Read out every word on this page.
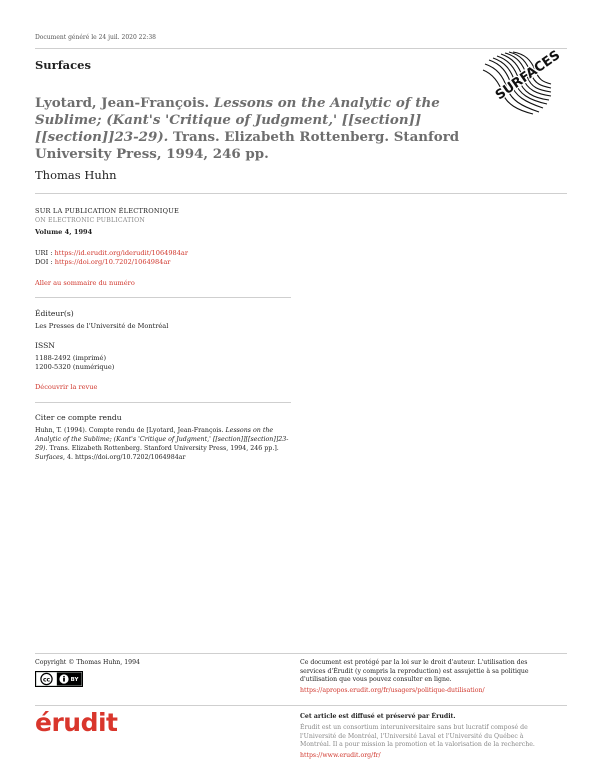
Document généré le 24 juil. 2020 22:38
Surfaces	SURFACES
Lyotard, Jean-François. Lessons on the Analytic of the Sublime; (Kant's 'Critique of Judgment,' [[section]][[section]]23-29). Trans. Elizabeth Rottenberg. Stanford University Press, 1994, 246 pp.
Thomas Huhn
SUR LA PUBLICATION ÉLECTRONIQUE
ON ELECTRONIC PUBLICATION
Volume 4, 1994
URI : https://id.erudit.org/iderudit/1064984ar
DOI : https://doi.org/10.7202/1064984ar
Aller au sommaire du numéro
Éditeur(s)
Les Presses de l'Université de Montréal
ISSN
1188-2492 (imprimé)
1200-5320 (numérique)
Découvrir la revue
Citer ce compte rendu
Huhn, T. (1994). Compte rendu de [Lyotard, Jean-François. Lessons on the Analytic of the Sublime; (Kant's 'Critique of Judgment,' [[section]][[section]]23-29). Trans. Elizabeth Rottenberg. Stanford University Press, 1994, 246 pp.]. Surfaces, 4. https://doi.org/10.7202/1064984ar
Copyright © Thomas Huhn, 1994
cc	BY
Ce document est protégé par la loi sur le droit d'auteur. L'utilisation des services d'Érudit (y compris la reproduction) est assujettie à sa politique d'utilisation que vous pouvez consulter en ligne.
https://apropos.erudit.org/fr/usagers/politique-dutilisation/
érudit	Cet article est diffusé et préservé par Érudit.
Érudit est un consortium interuniversitaire sans but lucratif composé de l'Université de Montréal, l'Université Laval et l'Université du Québec à Montréal. Il a pour mission la promotion et la valorisation de la recherche.
https://www.erudit.org/fr/
